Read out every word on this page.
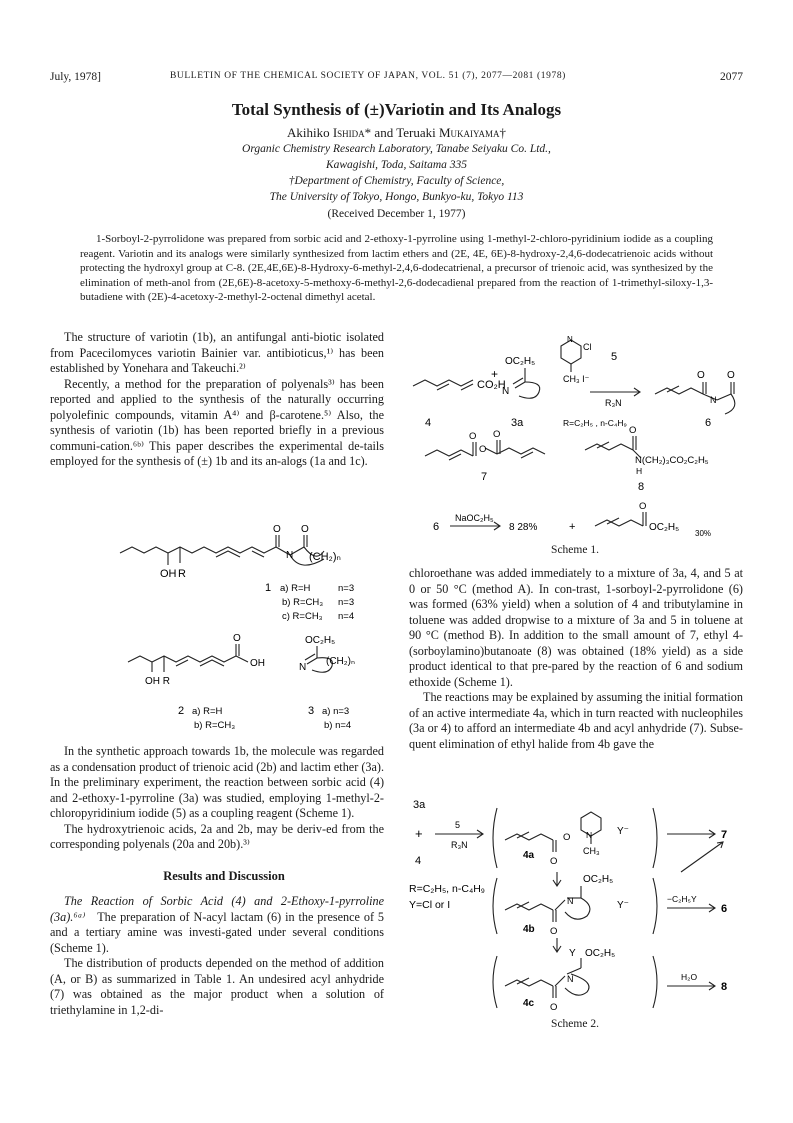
July, 1978]	BULLETIN OF THE CHEMICAL SOCIETY OF JAPAN, VOL. 51 (7), 2077—2081 (1978)	2077
Total Synthesis of (±)Variotin and Its Analogs
Akihiko Ishida* and Teruaki Mukaiyama†
Organic Chemistry Research Laboratory, Tanabe Seiyaku Co. Ltd.,
Kawagishi, Toda, Saitama 335
†Department of Chemistry, Faculty of Science,
The University of Tokyo, Hongo, Bunkyo-ku, Tokyo 113
(Received December 1, 1977)
1-Sorboyl-2-pyrrolidone was prepared from sorbic acid and 2-ethoxy-1-pyrroline using 1-methyl-2-chloro-pyridinium iodide as a coupling reagent. Variotin and its analogs were similarly synthesized from lactim ethers and (2E, 4E, 6E)-8-hydroxy-2,4,6-dodecatrienoic acids without protecting the hydroxyl group at C-8. (2E,4E,6E)-8-Hydroxy-6-methyl-2,4,6-dodecatrienal, a precursor of trienoic acid, was synthesized by the elimination of meth-anol from (2E,6E)-8-acetoxy-5-methoxy-6-methyl-2,6-dodecadienal prepared from the reaction of 1-trimethyl-siloxy-1,3-butadiene with (2E)-4-acetoxy-2-methyl-2-octenal dimethyl acetal.

The structure of variotin (1b), an antifungal anti-biotic isolated from Pacecilomyces variotin Bainier var. antibioticus,¹⁾ has been established by Yonehara and Takeuchi.²⁾

Recently, a method for the preparation of polyenals³⁾ has been reported and applied to the synthesis of the naturally occurring polyolefinic compounds, vitamin A⁴⁾ and β-carotene.⁵⁾ Also, the synthesis of variotin (1b) has been reported briefly in a previous communi-cation.⁶ᵇ⁾ This paper describes the experimental de-tails employed for the synthesis of (±) 1b and its an-alogs (1a and 1c).

O O
N (CH₂)ₙ
OH R
1 a) R=H	n=3
b) R=CH₃ n=3
c) R=CH₃ n=4
O
OH
OH R
OC₂H₅
N
(CH₂)ₙ
2 a) R=H
b) R=CH₃
3 a) n=3
b) n=4

In the synthetic approach towards 1b, the molecule was regarded as a condensation product of trienoic acid (2b) and lactim ether (3a). In the preliminary experiment, the reaction between sorbic acid (4) and 2-ethoxy-1-pyrroline (3a) was studied, employing 1-methyl-2-chloropyridinium iodide (5) as a coupling reagent (Scheme 1).

The hydroxytrienoic acids, 2a and 2b, may be deriv-ed from the corresponding polyenals (20a and 20b).³⁾

Results and Discussion

The Reaction of Sorbic Acid (4) and 2-Ethoxy-1-pyrroline (3a).⁶ᵃ⁾ The preparation of N-acyl lactam (6) in the presence of 5 and a tertiary amine was investi-gated under several conditions (Scheme 1).

The distribution of products depended on the method of addition (A, or B) as summarized in Table 1. An undesired acyl anhydride (7) was obtained as the major product when a solution of triethylamine in 1,2-di-

CO₂H
OC₂H₅
N
+
N
Cl
CH₃ I⁻
5
R₃N
R=C₂H₅ , n-C₄H₉
4	3a
O O
N
6
O
O
O
7
O
N(CH₂)₃CO₂C₂H₅
H
8
6
NaOC₂H₅
8 28%	+
O
OC₂H₅
30%
Scheme 1.

chloroethane was added immediately to a mixture of 3a, 4, and 5 at 0 or 50 °C (method A). In con-trast, 1-sorboyl-2-pyrrolidone (6) was formed (63% yield) when a solution of 4 and tributylamine in toluene was added dropwise to a mixture of 3a and 5 in toluene at 90 °C (method B). In addition to the small amount of 7, ethyl 4-(sorboylamino)butanoate (8) was obtained (18% yield) as a side product identical to that pre-pared by the reaction of 6 and sodium ethoxide (Scheme 1).

The reactions may be explained by assuming the initial formation of an active intermediate 4a, which in turn reacted with nucleophiles (3a or 4) to afford an intermediate 4b and acyl anhydride (7). Subse-quent elimination of ethyl halide from 4b gave the

3a
+
4
5
R₃N
O
O N
CH₃
Y⁻
4a
7
OC₂H₅
N	Y⁻
4b O
−C₂H₅Y
6
R=C₂H₅, n-C₄H₉
Y=Cl or I
Y OC₂H₅
N
4c O
H₂O
8
Scheme 2.
